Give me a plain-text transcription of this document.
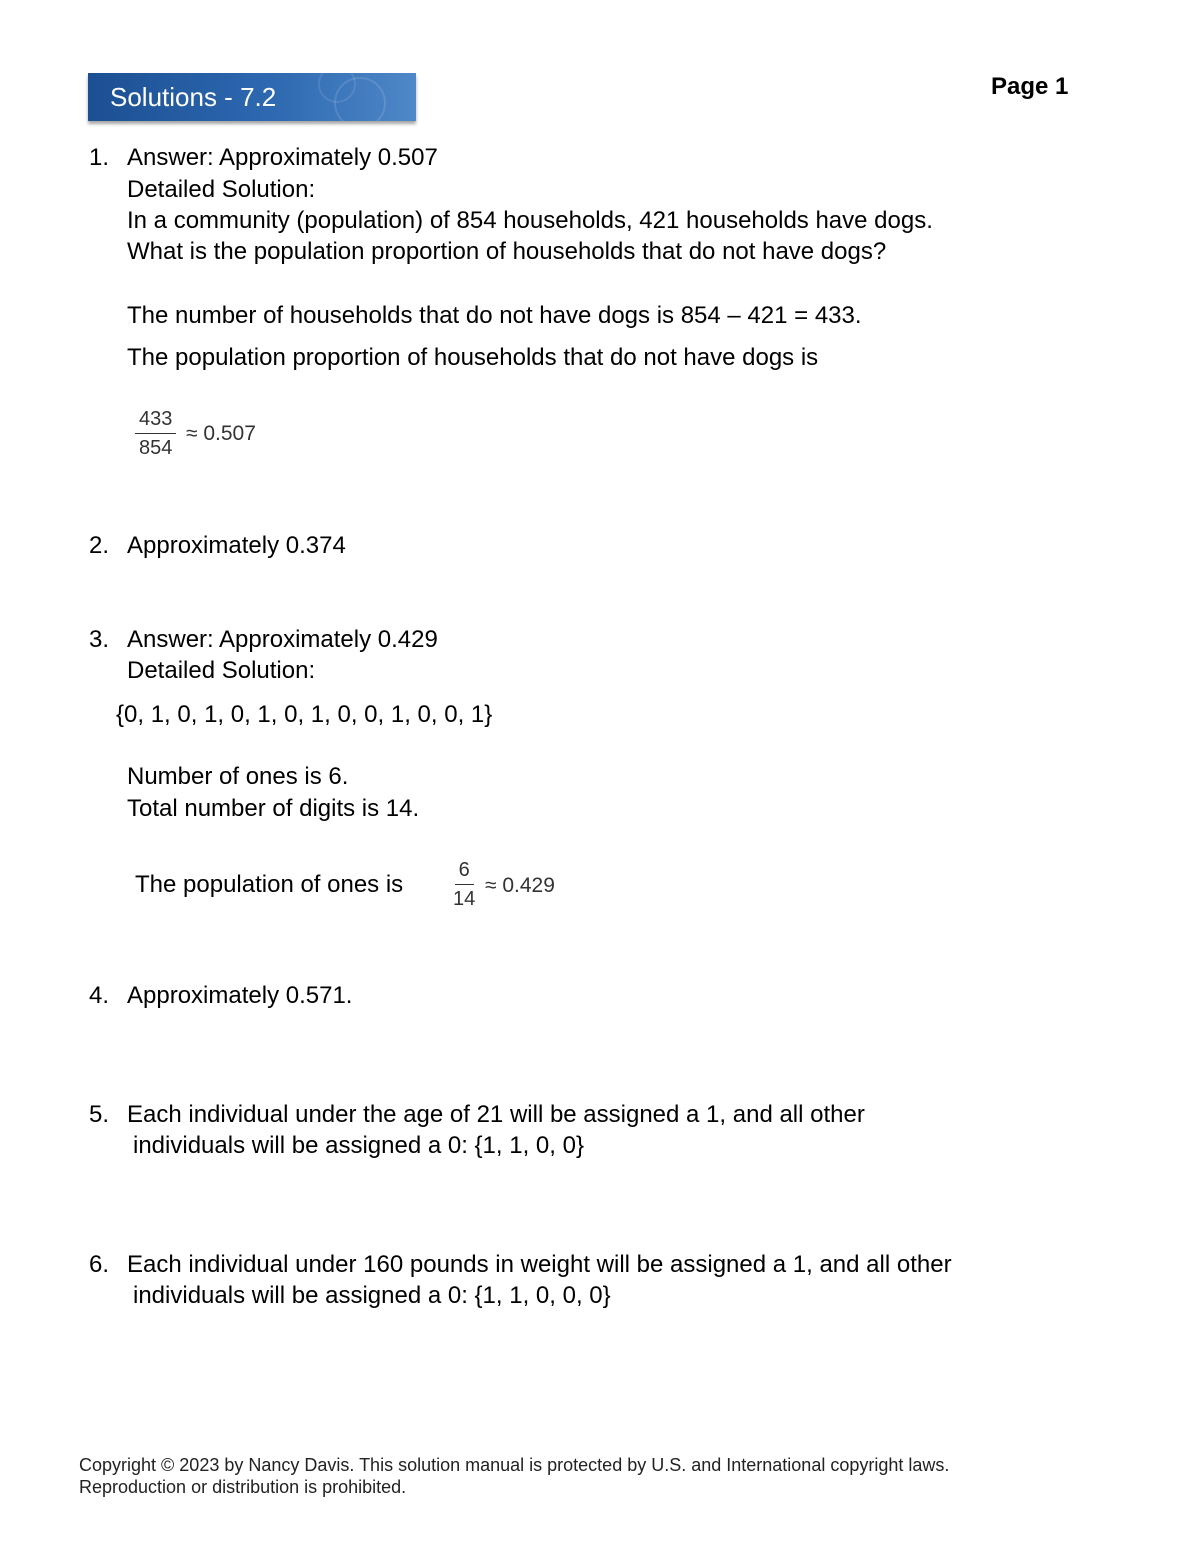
Solutions - 7.2	Page 1
1. Answer: Approximately 0.507
Detailed Solution:
In a community (population) of 854 households, 421 households have dogs.
What is the population proportion of households that do not have dogs?
The number of households that do not have dogs is 854 – 421 = 433.
The population proportion of households that do not have dogs is
$\frac{433}{854} \approx 0.507$
2. Approximately 0.374
3. Answer: Approximately 0.429
Detailed Solution:
{0, 1, 0, 1, 0, 1, 0, 1, 0, 0, 1, 0, 0, 1}
Number of ones is 6.
Total number of digits is 14.
The population of ones is $\frac{6}{14} \approx 0.429$
4. Approximately 0.571.
5. Each individual under the age of 21 will be assigned a 1, and all other
individuals will be assigned a 0: {1, 1, 0, 0}
6. Each individual under 160 pounds in weight will be assigned a 1, and all other
individuals will be assigned a 0: {1, 1, 0, 0, 0}
Copyright © 2023 by Nancy Davis. This solution manual is protected by U.S. and International copyright laws.
Reproduction or distribution is prohibited.
